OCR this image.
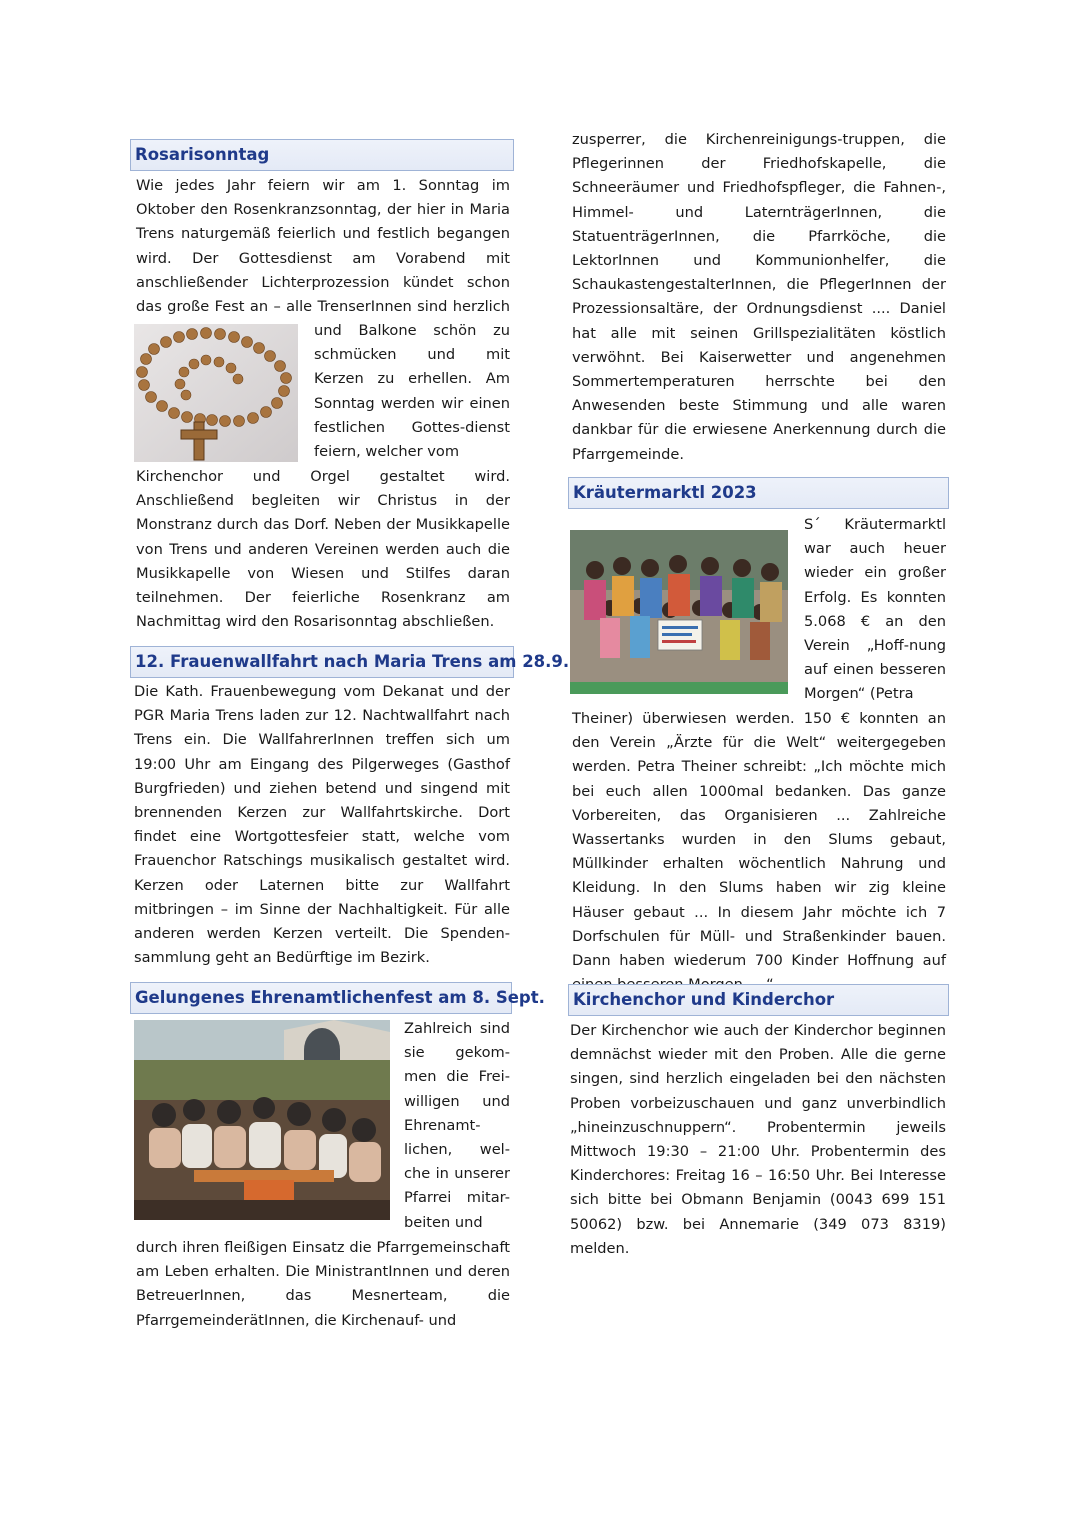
Rosarisonntag
Wie jedes Jahr feiern wir am 1. Sonntag im Oktober den Rosenkranzsonntag, der hier in Maria Trens naturgemäß feierlich und festlich begangen wird. Der Gottesdienst am Vorabend mit anschließender Lichterprozession kündet schon das große Fest an – alle TrenserInnen sind herzlich
und Balkone schön zu schmücken und mit Kerzen zu erhellen. Am Sonntag werden wir einen festlichen Gottes-dienst feiern, welcher vom
Kirchenchor und Orgel gestaltet wird. Anschließend begleiten wir Christus in der Monstranz durch das Dorf. Neben der Musikkapelle von Trens und anderen Vereinen werden auch die Musikkapelle von Wiesen und Stilfes daran teilnehmen. Der feierliche Rosenkranz am Nachmittag wird den Rosarisonntag abschließen.
12. Frauenwallfahrt nach Maria Trens am 28.9.
Die Kath. Frauenbewegung vom Dekanat und der PGR Maria Trens laden zur 12. Nachtwallfahrt nach Trens ein. Die WallfahrerInnen treffen sich um 19:00 Uhr am Eingang des Pilgerweges (Gasthof Burgfrieden) und ziehen betend und singend mit brennenden Kerzen zur Wallfahrtskirche. Dort findet eine Wortgottesfeier statt, welche vom Frauenchor Ratschings musikalisch gestaltet wird. Kerzen oder Laternen bitte zur Wallfahrt mitbringen – im Sinne der Nachhaltigkeit. Für alle anderen werden Kerzen verteilt. Die Spenden-sammlung geht an Bedürftige im Bezirk.
Gelungenes Ehrenamtlichenfest am 8. Sept.
Zahlreich sind sie gekom-men die Frei-willigen und Ehrenamt-lichen, wel-che in unserer Pfarrei mitar-beiten und
durch ihren fleißigen Einsatz die Pfarrgemeinschaft am Leben erhalten. Die MinistrantInnen und deren BetreuerInnen, das Mesnerteam, die PfarrgemeinderätInnen, die Kirchenauf- und
zusperrer, die Kirchenreinigungs-truppen, die Pflegerinnen der Friedhofskapelle, die Schneeräumer und Friedhofspfleger, die Fahnen-, Himmel- und LaternträgerInnen, die StatuenträgerInnen, die Pfarrköche, die LektorInnen und Kommunionhelfer, die SchaukastengestalterInnen, die PflegerInnen der Prozessionsaltäre, der Ordnungsdienst .... Daniel hat alle mit seinen Grillspezialitäten köstlich verwöhnt. Bei Kaiserwetter und angenehmen Sommertemperaturen herrschte bei den Anwesenden beste Stimmung und alle waren dankbar für die erwiesene Anerkennung durch die Pfarrgemeinde.
Kräutermarktl 2023
S´ Kräutermarktl war auch heuer wieder ein großer Erfolg. Es konnten 5.068 € an den Verein „Hoff-nung auf einen besseren Morgen“ (Petra
Theiner) überwiesen werden. 150 € konnten an den Verein „Ärzte für die Welt“ weitergegeben werden. Petra Theiner schreibt: „Ich möchte mich bei euch allen 1000mal bedanken. Das ganze Vorbereiten, das Organisieren ... Zahlreiche Wassertanks wurden in den Slums gebaut, Müllkinder erhalten wöchentlich Nahrung und Kleidung. In den Slums haben wir zig kleine Häuser gebaut ... In diesem Jahr möchte ich 7 Dorfschulen für Müll- und Straßenkinder bauen. Dann haben wiederum 700 Kinder Hoffnung auf
Kirchenchor und Kinderchor
Der Kirchenchor wie auch der Kinderchor beginnen demnächst wieder mit den Proben. Alle die gerne singen, sind herzlich eingeladen bei den nächsten Proben vorbeizuschauen und ganz unverbindlich „hineinzuschnuppern“. Probentermin jeweils Mittwoch 19:30 – 21:00 Uhr. Probentermin des Kinderchores: Freitag 16 – 16:50 Uhr. Bei Interesse sich bitte bei Obmann Benjamin (0043 699 151 50062) bzw. bei Annemarie (349 073 8319) melden.
